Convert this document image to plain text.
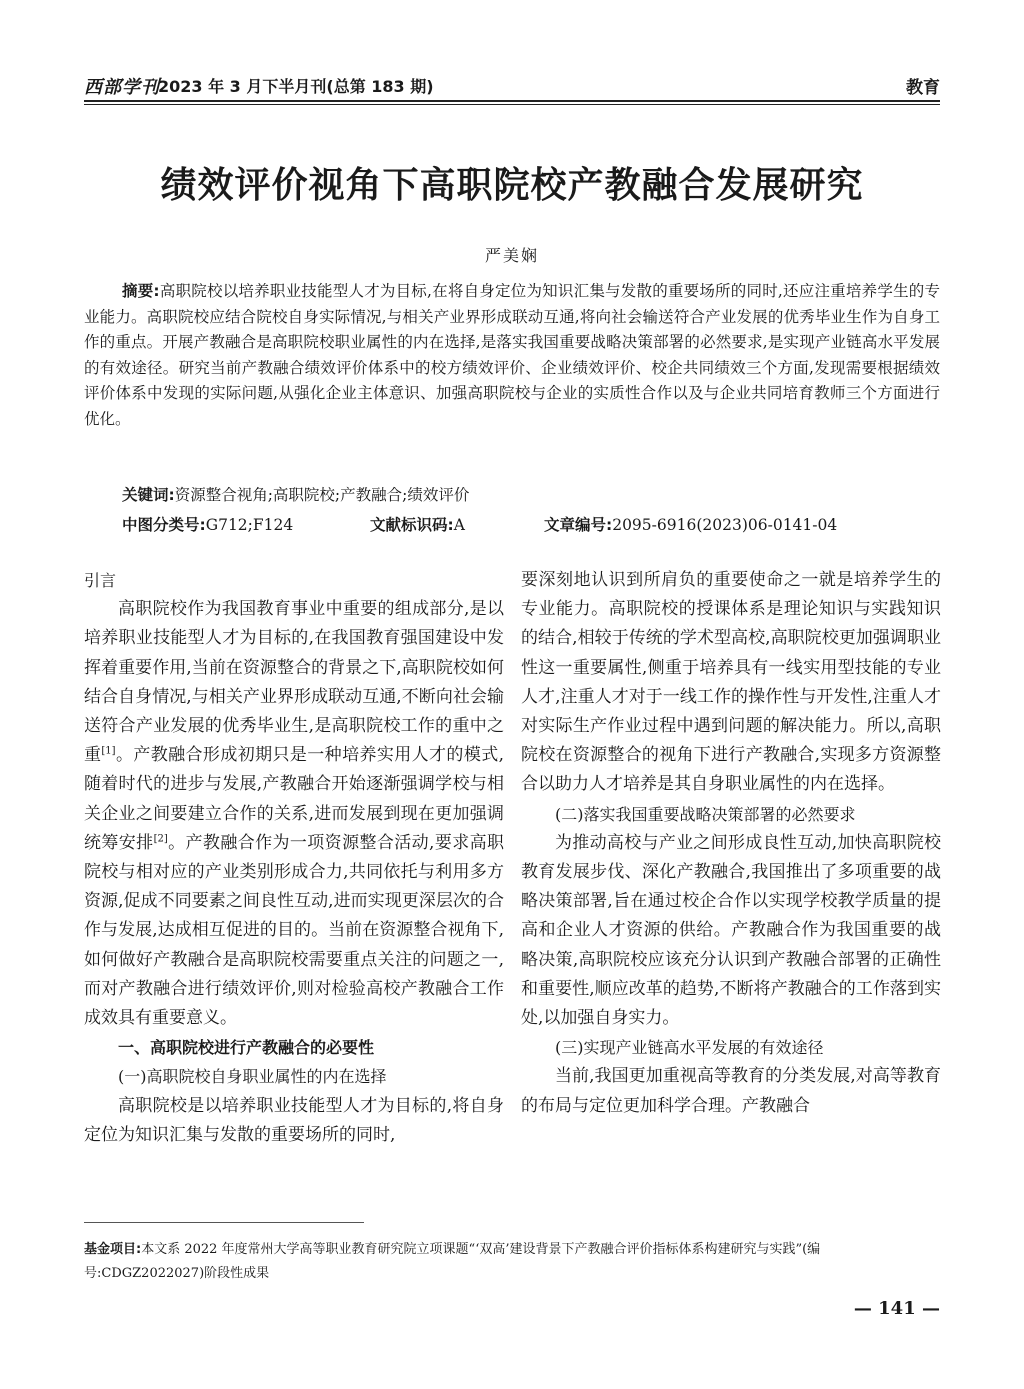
西部学刊
2023 年 3 月下半月刊(总第 183 期)	教育
绩效评价视角下高职院校产教融合发展研究
严美娴

摘要:高职院校以培养职业技能型人才为目标,在将自身定位为知识汇集与发散的重要场所的同时,还应注重培养学生的专业能力。高职院校应结合院校自身实际情况,与相关产业界形成联动互通,将向社会输送符合产业发展的优秀毕业生作为自身工作的重点。开展产教融合是高职院校职业属性的内在选择,是落实我国重要战略决策部署的必然要求,是实现产业链高水平发展的有效途径。研究当前产教融合绩效评价体系中的校方绩效评价、企业绩效评价、校企共同绩效三个方面,发现需要根据绩效评价体系中发现的实际问题,从强化企业主体意识、加强高职院校与企业的实质性合作以及与企业共同培育教师三个方面进行优化。

关键词:资源整合视角;高职院校;产教融合;绩效评价
中图分类号:G712;F124	文献标识码:A	文章编号:2095-6916(2023)06-0141-04

引言

高职院校作为我国教育事业中重要的组成部分,是以培养职业技能型人才为目标的,在我国教育强国建设中发挥着重要作用,当前在资源整合的背景之下,高职院校如何结合自身情况,与相关产业界形成联动互通,不断向社会输送符合产业发展的优秀毕业生,是高职院校工作的重中之重[1]。产教融合形成初期只是一种培养实用人才的模式,随着时代的进步与发展,产教融合开始逐渐强调学校与相关企业之间要建立合作的关系,进而发展到现在更加强调统筹安排[2]。产教融合作为一项资源整合活动,要求高职院校与相对应的产业类别形成合力,共同依托与利用多方资源,促成不同要素之间良性互动,进而实现更深层次的合作与发展,达成相互促进的目的。当前在资源整合视角下,如何做好产教融合是高职院校需要重点关注的问题之一,而对产教融合进行绩效评价,则对检验高校产教融合工作成效具有重要意义。

一、高职院校进行产教融合的必要性

(一)高职院校自身职业属性的内在选择

高职院校是以培养职业技能型人才为目标的,将自身定位为知识汇集与发散的重要场所的同时,

要深刻地认识到所肩负的重要使命之一就是培养学生的专业能力。高职院校的授课体系是理论知识与实践知识的结合,相较于传统的学术型高校,高职院校更加强调职业性这一重要属性,侧重于培养具有一线实用型技能的专业人才,注重人才对于一线工作的操作性与开发性,注重人才对实际生产作业过程中遇到问题的解决能力。所以,高职院校在资源整合的视角下进行产教融合,实现多方资源整合以助力人才培养是其自身职业属性的内在选择。

(二)落实我国重要战略决策部署的必然要求

为推动高校与产业之间形成良性互动,加快高职院校教育发展步伐、深化产教融合,我国推出了多项重要的战略决策部署,旨在通过校企合作以实现学校教学质量的提高和企业人才资源的供给。产教融合作为我国重要的战略决策,高职院校应该充分认识到产教融合部署的正确性和重要性,顺应改革的趋势,不断将产教融合的工作落到实处,以加强自身实力。

(三)实现产业链高水平发展的有效途径

当前,我国更加重视高等教育的分类发展,对高等教育的布局与定位更加科学合理。产教融合

基金项目:本文系 2022 年度常州大学高等职业教育研究院立项课题“‘双高’建设背景下产教融合评价指标体系构建研究与实践”(编号:CDGZ2022027)阶段性成果

— 141 —
